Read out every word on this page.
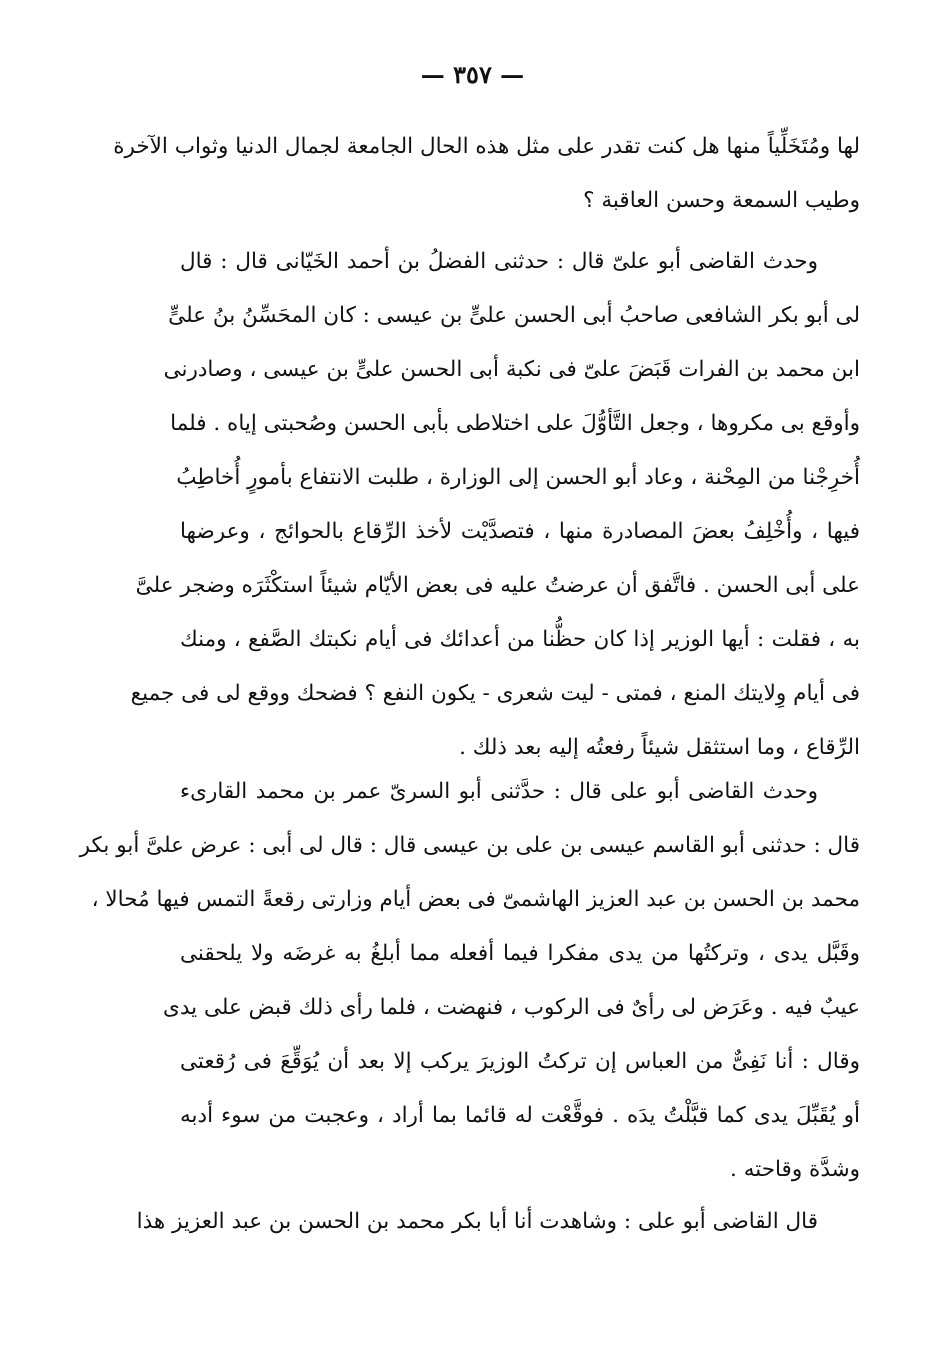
— ٣٥٧ —
لها ومُتَخَلِّياً منها هل كنت تقدر على مثل هذه الحال الجامعة لجمال الدنيا وثواب الآخرة
وطيب السمعة وحسن العاقبة ؟
وحدث القاضى أبو علىّ قال : حدثنى الفضلُ بن أحمد الخَيّانى قال : قال
لى أبو بكر الشافعى صاحبُ أبى الحسن علىٍّ بن عيسى : كان المحَسِّنُ بنُ علىٍّ
ابن محمد بن الفرات قَبَضَ علىّ فى نكبة أبى الحسن علىٍّ بن عيسى ، وصادرنى
وأوقع بى مكروها ، وجعل التَّأوُّلَ على اختلاطى بأبى الحسن وصُحبتى إياه . فلما
أُخرِجْنا من المِحْنة ، وعاد أبو الحسن إلى الوزارة ، طلبت الانتفاع بأمورٍ أُخاطِبُ
فيها ، وأُخْلِفُ بعضَ المصادرة منها ، فتصدَّيْت لأخذ الرِّقاع بالحوائج ، وعرضها
على أبى الحسن . فاتَّفق أن عرضتُ عليه فى بعض الأيّام شيئاً استكْثَرَه وضجر علىَّ
به ، فقلت : أيها الوزير إذا كان حظُّنا من أعدائك فى أيام نكبتك الصَّفع ، ومنك
فى أيام وِلايتك المنع ، فمتى - ليت شعرى - يكون النفع ؟ فضحك ووقع لى فى جميع
الرِّقاع ، وما استثقل شيئاً رفعتُه إليه بعد ذلك .
وحدث القاضى أبو على قال : حدَّثنى أبو السرىّ عمر بن محمد القارىء
قال : حدثنى أبو القاسم عيسى بن على بن عيسى قال : قال لى أبى : عرض علىَّ أبو بكر
محمد بن الحسن بن عبد العزيز الهاشمىّ فى بعض أيام وزارتى رقعةً التمس فيها مُحالا ،
وقَبَّل يدى ، وتركتُها من يدى مفكرا فيما أفعله مما أبلغُ به غرضَه ولا يلحقنى
عيبٌ فيه . وعَرَض لى رأىٌ فى الركوب ، فنهضت ، فلما رأى ذلك قبض على يدى
وقال : أنا نَفِىٌّ من العباس إن تركتُ الوزيرَ يركب إلا بعد أن يُوَقِّعَ فى رُقعتى
أو يُقَبِّلَ يدى كما قبَّلْتُ يدَه . فوقَّعْت له قائما بما أراد ، وعجبت من سوء أدبه
وشدَّة وقاحته .
قال القاضى أبو على : وشاهدت أنا أبا بكر محمد بن الحسن بن عبد العزيز هذا
